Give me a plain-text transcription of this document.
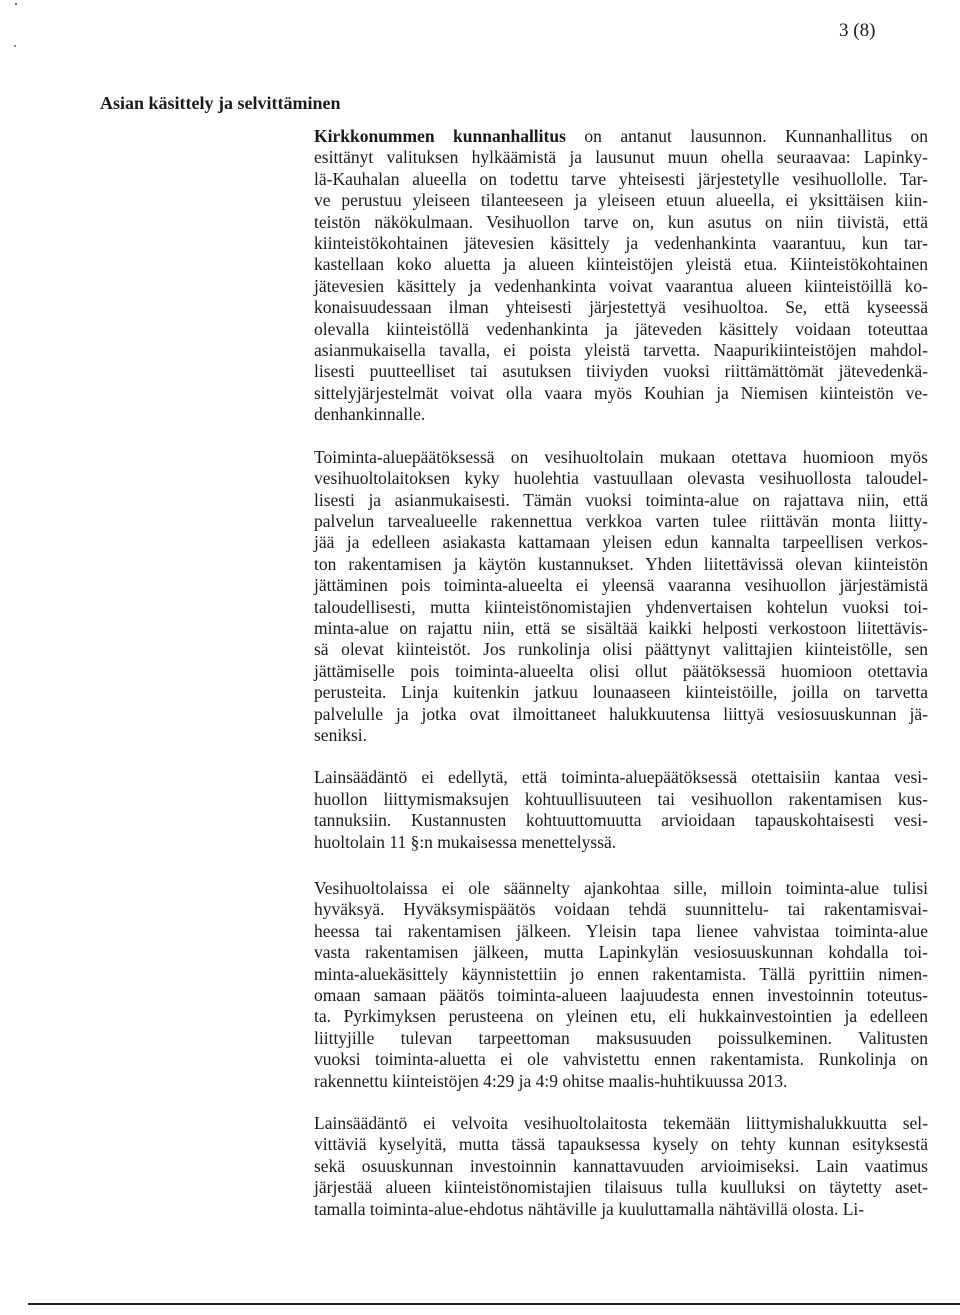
3 (8)
Asian käsittely ja selvittäminen

Kirkkonummen kunnanhallitus on antanut lausunnon. Kunnanhallitus on
esittänyt valituksen hylkäämistä ja lausunut muun ohella seuraavaa: Lapinky-
lä-Kauhalan alueella on todettu tarve yhteisesti järjestetylle vesihuollolle. Tar-
ve perustuu yleiseen tilanteeseen ja yleiseen etuun alueella, ei yksittäisen kiin-
teistön näkökulmaan. Vesihuollon tarve on, kun asutus on niin tiivistä, että
kiinteistökohtainen jätevesien käsittely ja vedenhankinta vaarantuu, kun tar-
kastellaan koko aluetta ja alueen kiinteistöjen yleistä etua. Kiinteistökohtainen
jätevesien käsittely ja vedenhankinta voivat vaarantua alueen kiinteistöillä ko-
konaisuudessaan ilman yhteisesti järjestettyä vesihuoltoa. Se, että kyseessä
olevalla kiinteistöllä vedenhankinta ja jäteveden käsittely voidaan toteuttaa
asianmukaisella tavalla, ei poista yleistä tarvetta. Naapurikiinteistöjen mahdol-
lisesti puutteelliset tai asutuksen tiiviyden vuoksi riittämättömät jätevedenkä-
sittelyjärjestelmät voivat olla vaara myös Kouhian ja Niemisen kiinteistön ve-
denhankinnalle.

Toiminta-aluepäätöksessä on vesihuoltolain mukaan otettava huomioon myös
vesihuoltolaitoksen kyky huolehtia vastuullaan olevasta vesihuollosta taloudel-
lisesti ja asianmukaisesti. Tämän vuoksi toiminta-alue on rajattava niin, että
palvelun tarvealueelle rakennettua verkkoa varten tulee riittävän monta liitty-
jää ja edelleen asiakasta kattamaan yleisen edun kannalta tarpeellisen verkos-
ton rakentamisen ja käytön kustannukset. Yhden liitettävissä olevan kiinteistön
jättäminen pois toiminta-alueelta ei yleensä vaaranna vesihuollon järjestämistä
taloudellisesti, mutta kiinteistönomistajien yhdenvertaisen kohtelun vuoksi toi-
minta-alue on rajattu niin, että se sisältää kaikki helposti verkostoon liitettävis-
sä olevat kiinteistöt. Jos runkolinja olisi päättynyt valittajien kiinteistölle, sen
jättämiselle pois toiminta-alueelta olisi ollut päätöksessä huomioon otettavia
perusteita. Linja kuitenkin jatkuu lounaaseen kiinteistöille, joilla on tarvetta
palvelulle ja jotka ovat ilmoittaneet halukkuutensa liittyä vesiosuuskunnan jä-
seniksi.

Lainsäädäntö ei edellytä, että toiminta-aluepäätöksessä otettaisiin kantaa vesi-
huollon liittymismaksujen kohtuullisuuteen tai vesihuollon rakentamisen kus-
tannuksiin. Kustannusten kohtuuttomuutta arvioidaan tapauskohtaisesti vesi-
huoltolain 11 §:n mukaisessa menettelyssä.

Vesihuoltolaissa ei ole säännelty ajankohtaa sille, milloin toiminta-alue tulisi
hyväksyä. Hyväksymispäätös voidaan tehdä suunnittelu- tai rakentamisvai-
heessa tai rakentamisen jälkeen. Yleisin tapa lienee vahvistaa toiminta-alue
vasta rakentamisen jälkeen, mutta Lapinkylän vesiosuuskunnan kohdalla toi-
minta-aluekäsittely käynnistettiin jo ennen rakentamista. Tällä pyrittiin nimen-
omaan samaan päätös toiminta-alueen laajuudesta ennen investoinnin toteutus-
ta. Pyrkimyksen perusteena on yleinen etu, eli hukkainvestointien ja edelleen
liittyjille tulevan tarpeettoman maksusuuden poissulkeminen. Valitusten
vuoksi toiminta-aluetta ei ole vahvistettu ennen rakentamista. Runkolinja on
rakennettu kiinteistöjen 4:29 ja 4:9 ohitse maalis-huhtikuussa 2013.

Lainsäädäntö ei velvoita vesihuoltolaitosta tekemään liittymishalukkuutta sel-
vittäviä kyselyitä, mutta tässä tapauksessa kysely on tehty kunnan esityksestä
sekä osuuskunnan investoinnin kannattavuuden arvioimiseksi. Lain vaatimus
järjestää alueen kiinteistönomistajien tilaisuus tulla kuulluksi on täytetty aset-
tamalla toiminta-alue-ehdotus nähtäville ja kuuluttamalla nähtävillä olosta. Li-
